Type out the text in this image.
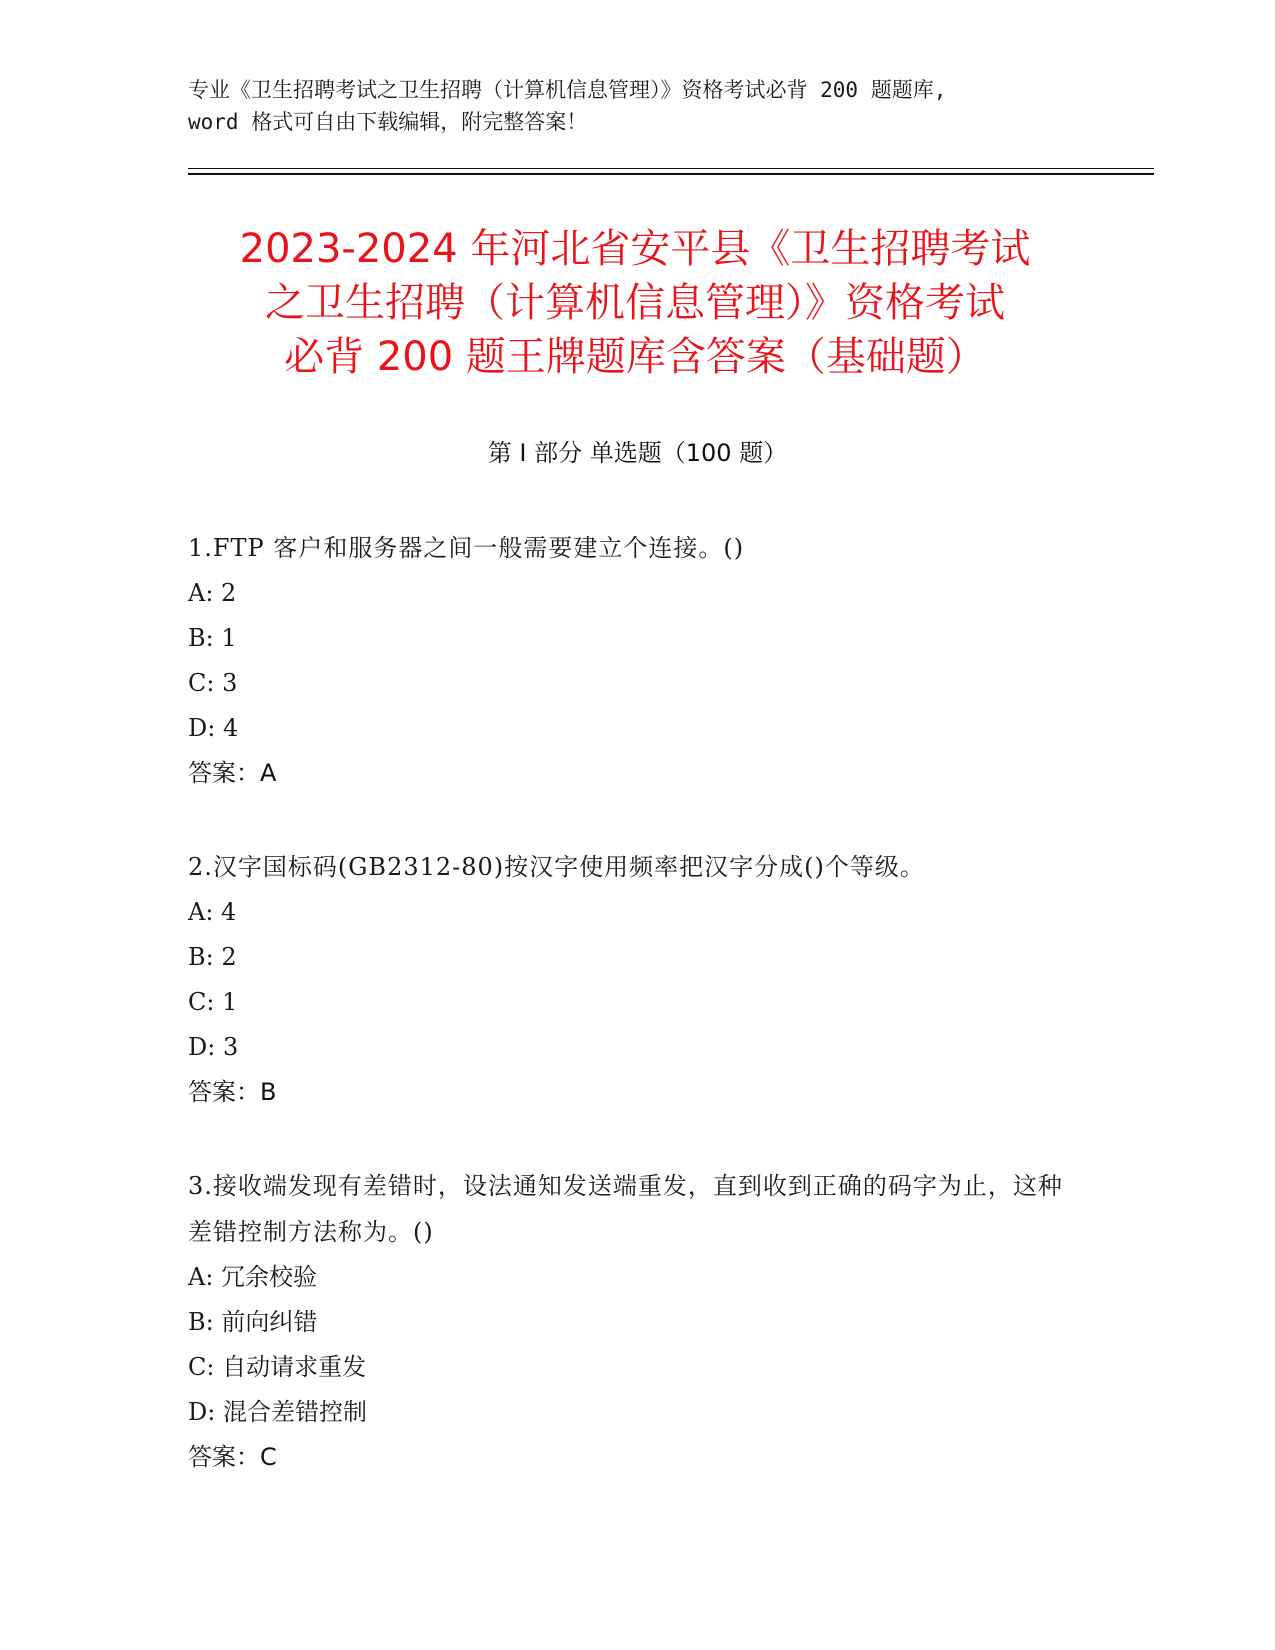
专业《卫生招聘考试之卫生招聘（计算机信息管理）》资格考试必背 200 题题库,
word 格式可自由下载编辑，附完整答案！
2023-2024 年河北省安平县《卫生招聘考试
之卫生招聘（计算机信息管理）》资格考试
必背 200 题王牌题库含答案（基础题）
第 I 部分 单选题（100 题）
1.FTP 客户和服务器之间一般需要建立个连接。()
A: 2
B: 1
C: 3
D: 4
答案：A
2.汉字国标码(GB2312-80)按汉字使用频率把汉字分成()个等级。
A: 4
B: 2
C: 1
D: 3
答案：B
3.接收端发现有差错时，设法通知发送端重发，直到收到正确的码字为止，这种差错控制方法称为。()
A: 冗余校验
B: 前向纠错
C: 自动请求重发
D: 混合差错控制
答案：C
